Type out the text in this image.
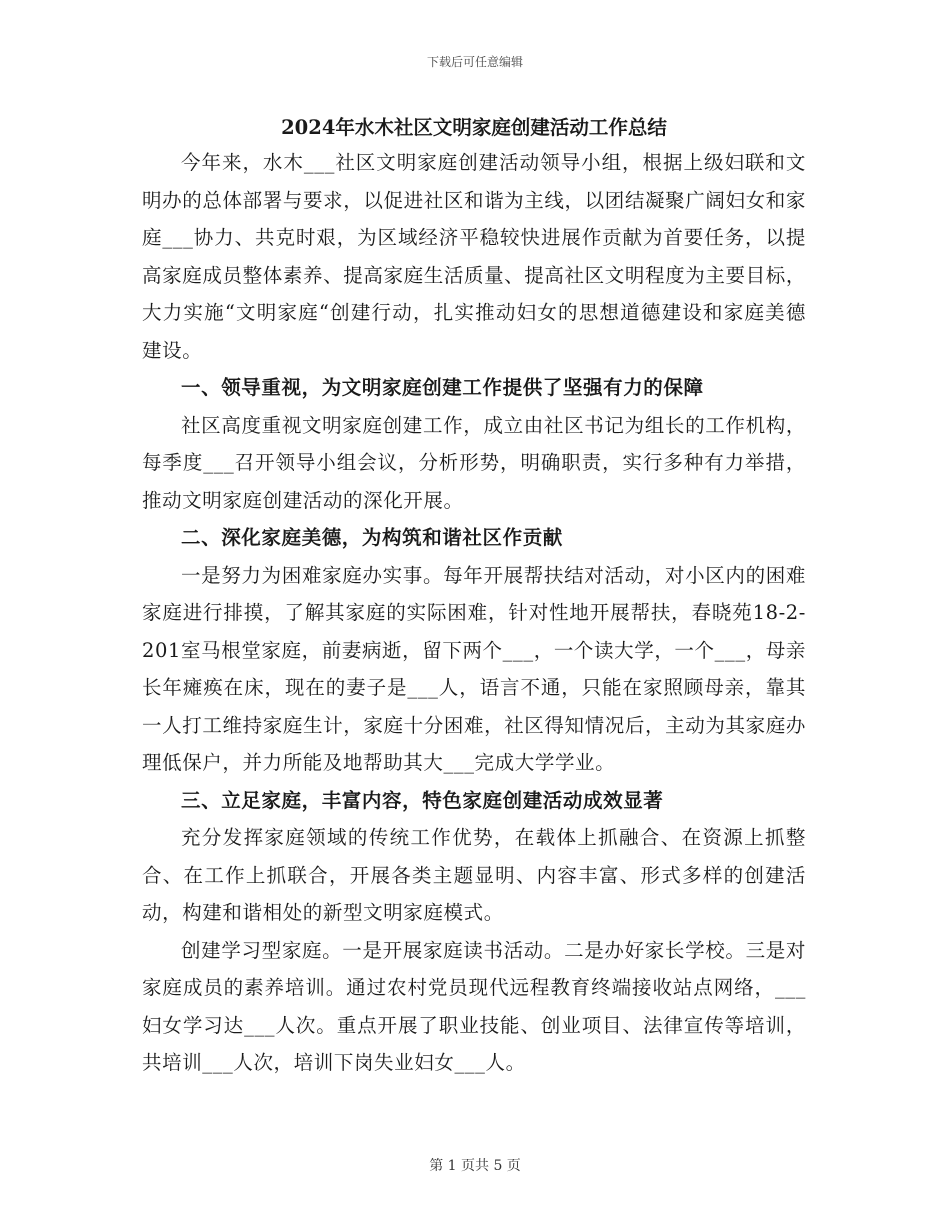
下载后可任意编辑
2024年水木社区文明家庭创建活动工作总结

今年来，水木___社区文明家庭创建活动领导小组，根据上级妇联和文明办的总体部署与要求，以促进社区和谐为主线，以团结凝聚广阔妇女和家庭___协力、共克时艰，为区域经济平稳较快进展作贡献为首要任务，以提高家庭成员整体素养、提高家庭生活质量、提高社区文明程度为主要目标，大力实施“文明家庭“创建行动，扎实推动妇女的思想道德建设和家庭美德建设。

一、领导重视，为文明家庭创建工作提供了坚强有力的保障

社区高度重视文明家庭创建工作，成立由社区书记为组长的工作机构，每季度___召开领导小组会议，分析形势，明确职责，实行多种有力举措，推动文明家庭创建活动的深化开展。

二、深化家庭美德，为构筑和谐社区作贡献

一是努力为困难家庭办实事。每年开展帮扶结对活动，对小区内的困难家庭进行排摸，了解其家庭的实际困难，针对性地开展帮扶，春晓苑18-2-201室马根堂家庭，前妻病逝，留下两个___，一个读大学，一个___，母亲长年瘫痪在床，现在的妻子是___人，语言不通，只能在家照顾母亲，靠其一人打工维持家庭生计，家庭十分困难，社区得知情况后，主动为其家庭办理低保户，并力所能及地帮助其大___完成大学学业。

三、立足家庭，丰富内容，特色家庭创建活动成效显著

充分发挥家庭领域的传统工作优势，在载体上抓融合、在资源上抓整合、在工作上抓联合，开展各类主题显明、内容丰富、形式多样的创建活动，构建和谐相处的新型文明家庭模式。

创建学习型家庭。一是开展家庭读书活动。二是办好家长学校。三是对家庭成员的素养培训。通过农村党员现代远程教育终端接收站点网络，___妇女学习达___人次。重点开展了职业技能、创业项目、法律宣传等培训，共培训___人次，培训下岗失业妇女___人。

第 1 页共 5 页
